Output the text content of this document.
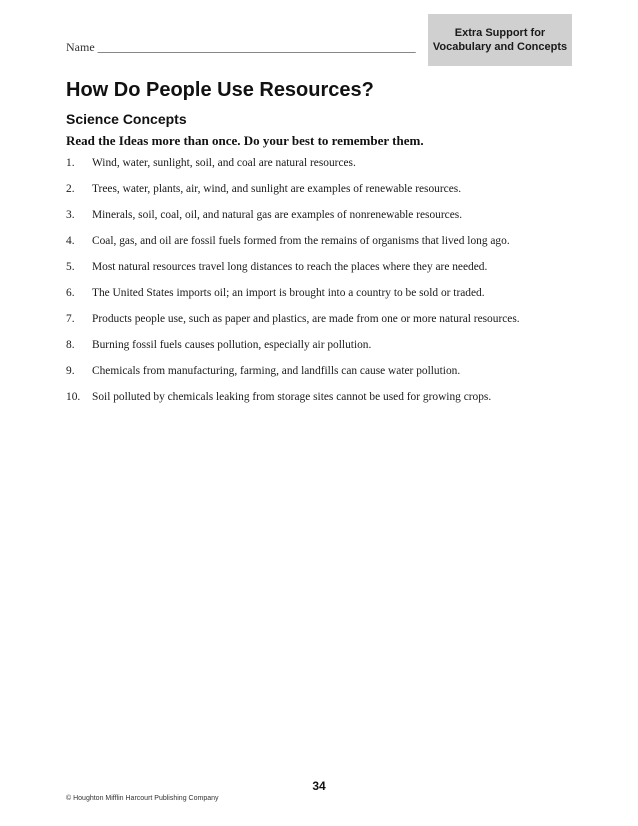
Name _____________________________________________________
Extra Support for
Vocabulary and Concepts
How Do People Use Resources?
Science Concepts

Read the Ideas more than once. Do your best to remember them.

1.	Wind, water, sunlight, soil, and coal are natural resources.
2.	Trees, water, plants, air, wind, and sunlight are examples of renewable resources.
3.	Minerals, soil, coal, oil, and natural gas are examples of nonrenewable resources.
4.	Coal, gas, and oil are fossil fuels formed from the remains of organisms that lived long ago.
5.	Most natural resources travel long distances to reach the places where they are needed.
6.	The United States imports oil; an import is brought into a country to be sold or traded.
7.	Products people use, such as paper and plastics, are made from one or more natural resources.
8.	Burning fossil fuels causes pollution, especially air pollution.
9.	Chemicals from manufacturing, farming, and landfills can cause water pollution.
10.	Soil polluted by chemicals leaking from storage sites cannot be used for growing crops.
34
© Houghton Mifflin Harcourt Publishing Company
